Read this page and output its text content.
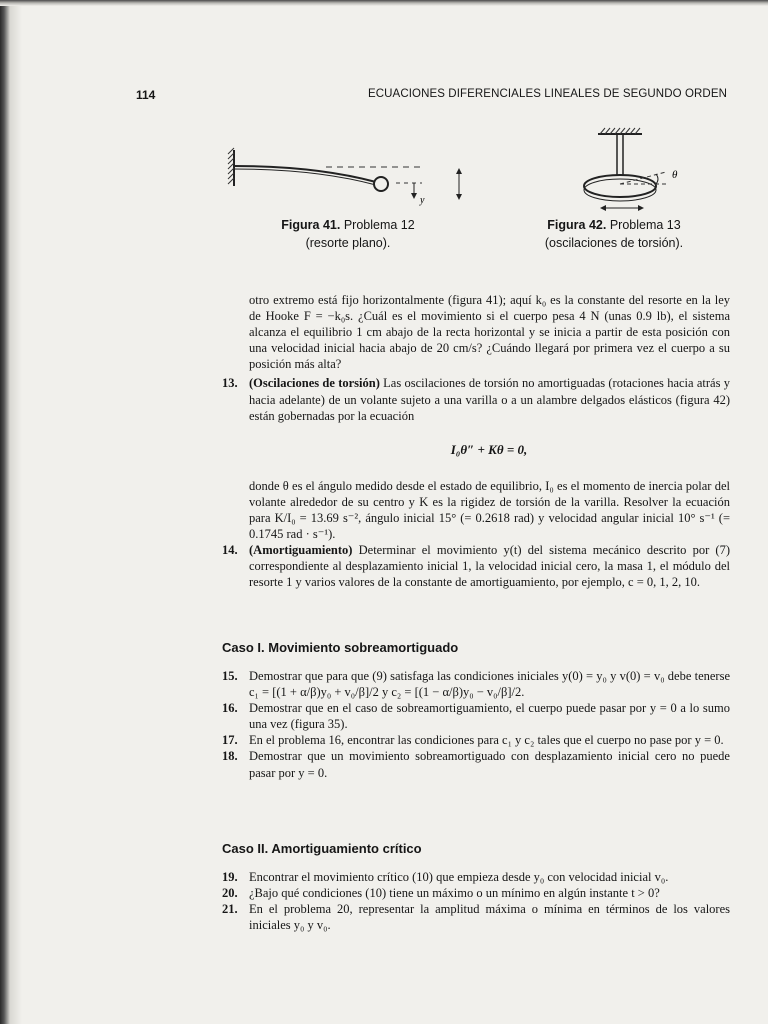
114	ECUACIONES DIFERENCIALES LINEALES DE SEGUNDO ORDEN
y
Figura 41. Problema 12
(resorte plano).
θ
Figura 42. Problema 13
(oscilaciones de torsión).

otro extremo está fijo horizontalmente (figura 41); aquí k₀ es la constante del resorte en la ley de Hooke F = −k₀s. ¿Cuál es el movimiento si el cuerpo pesa 4 N (unas 0.9 lb), el sistema alcanza el equilibrio 1 cm abajo de la recta horizontal y se inicia a partir de esta posición con una velocidad inicial hacia abajo de 20 cm/s? ¿Cuándo llegará por primera vez el cuerpo a su posición más alta?

13. (Oscilaciones de torsión) Las oscilaciones de torsión no amortiguadas (rotaciones hacia atrás y hacia adelante) de un volante sujeto a una varilla o a un alambre delgados elásticos (figura 42) están gobernadas por la ecuación
I₀θ″ + Kθ = 0,

donde θ es el ángulo medido desde el estado de equilibrio, I₀ es el momento de inercia polar del volante alrededor de su centro y K es la rigidez de torsión de la varilla. Resolver la ecuación para K/I₀ = 13.69 s⁻², ángulo inicial 15° (= 0.2618 rad) y velocidad angular inicial 10° s⁻¹ (= 0.1745 rad · s⁻¹).

14. (Amortiguamiento) Determinar el movimiento y(t) del sistema mecánico descrito por (7) correspondiente al desplazamiento inicial 1, la velocidad inicial cero, la masa 1, el módulo del resorte 1 y varios valores de la constante de amortiguamiento, por ejemplo, c = 0, 1, 2, 10.
Caso I. Movimiento sobreamortiguado
15. Demostrar que para que (9) satisfaga las condiciones iniciales y(0) = y₀ y v(0) = v₀ debe tenerse c₁ = [(1 + α/β)y₀ + v₀/β]/2 y c₂ = [(1 − α/β)y₀ − v₀/β]/2.
16. Demostrar que en el caso de sobreamortiguamiento, el cuerpo puede pasar por y = 0 a lo sumo una vez (figura 35).
17. En el problema 16, encontrar las condiciones para c₁ y c₂ tales que el cuerpo no pase por y = 0.
18. Demostrar que un movimiento sobreamortiguado con desplazamiento inicial cero no puede pasar por y = 0.
Caso II. Amortiguamiento crítico
19. Encontrar el movimiento crítico (10) que empieza desde y₀ con velocidad inicial v₀.
20. ¿Bajo qué condiciones (10) tiene un máximo o un mínimo en algún instante t > 0?
21. En el problema 20, representar la amplitud máxima o mínima en términos de los valores iniciales y₀ y v₀.
